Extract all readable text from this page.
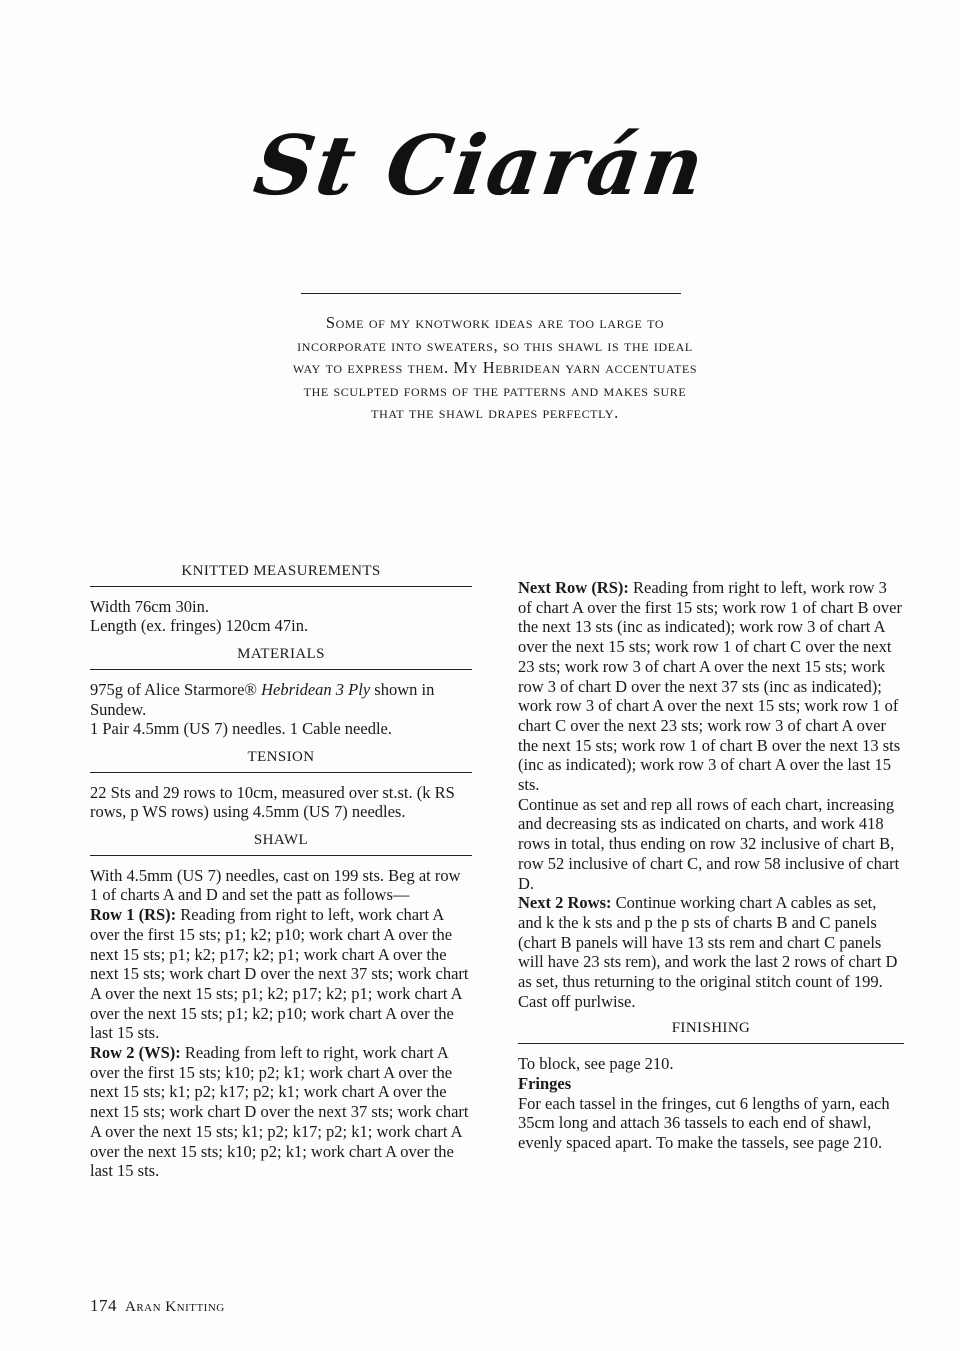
St Ciarán
Some of my knotwork ideas are too large to incorporate into sweaters, so this shawl is the ideal way to express them. My Hebridean yarn accentuates the sculpted forms of the patterns and makes sure that the shawl drapes perfectly.
KNITTED MEASUREMENTS

Width 76cm 30in.

Length (ex. fringes) 120cm 47in.

MATERIALS

975g of Alice Starmore® Hebridean 3 Ply shown in Sundew.

1 Pair 4.5mm (US 7) needles. 1 Cable needle.

TENSION

22 Sts and 29 rows to 10cm, measured over st.st. (k RS rows, p WS rows) using 4.5mm (US 7) needles.

SHAWL

With 4.5mm (US 7) needles, cast on 199 sts. Beg at row 1 of charts A and D and set the patt as follows—

Row 1 (RS): Reading from right to left, work chart A over the first 15 sts; p1; k2; p10; work chart A over the next 15 sts; p1; k2; p17; k2; p1; work chart A over the next 15 sts; work chart D over the next 37 sts; work chart A over the next 15 sts; p1; k2; p17; k2; p1; work chart A over the next 15 sts; p1; k2; p10; work chart A over the last 15 sts.

Row 2 (WS): Reading from left to right, work chart A over the first 15 sts; k10; p2; k1; work chart A over the next 15 sts; k1; p2; k17; p2; k1; work chart A over the next 15 sts; work chart D over the next 37 sts; work chart A over the next 15 sts; k1; p2; k17; p2; k1; work chart A over the next 15 sts; k10; p2; k1; work chart A over the last 15 sts.

Next Row (RS): Reading from right to left, work row 3 of chart A over the first 15 sts; work row 1 of chart B over the next 13 sts (inc as indicated); work row 3 of chart A over the next 15 sts; work row 1 of chart C over the next 23 sts; work row 3 of chart A over the next 15 sts; work row 3 of chart D over the next 37 sts (inc as indicated); work row 3 of chart A over the next 15 sts; work row 1 of chart C over the next 23 sts; work row 3 of chart A over the next 15 sts; work row 1 of chart B over the next 13 sts (inc as indicated); work row 3 of chart A over the last 15 sts.

Continue as set and rep all rows of each chart, increasing and decreasing sts as indicated on charts, and work 418 rows in total, thus ending on row 32 inclusive of chart B, row 52 inclusive of chart C, and row 58 inclusive of chart D.

Next 2 Rows: Continue working chart A cables as set, and k the k sts and p the p sts of charts B and C panels (chart B panels will have 13 sts rem and chart C panels will have 23 sts rem), and work the last 2 rows of chart D as set, thus returning to the original stitch count of 199.

Cast off purlwise.

FINISHING

To block, see page 210.

Fringes

For each tassel in the fringes, cut 6 lengths of yarn, each 35cm long and attach 36 tassels to each end of shawl, evenly spaced apart. To make the tassels, see page 210.

174 Aran Knitting
